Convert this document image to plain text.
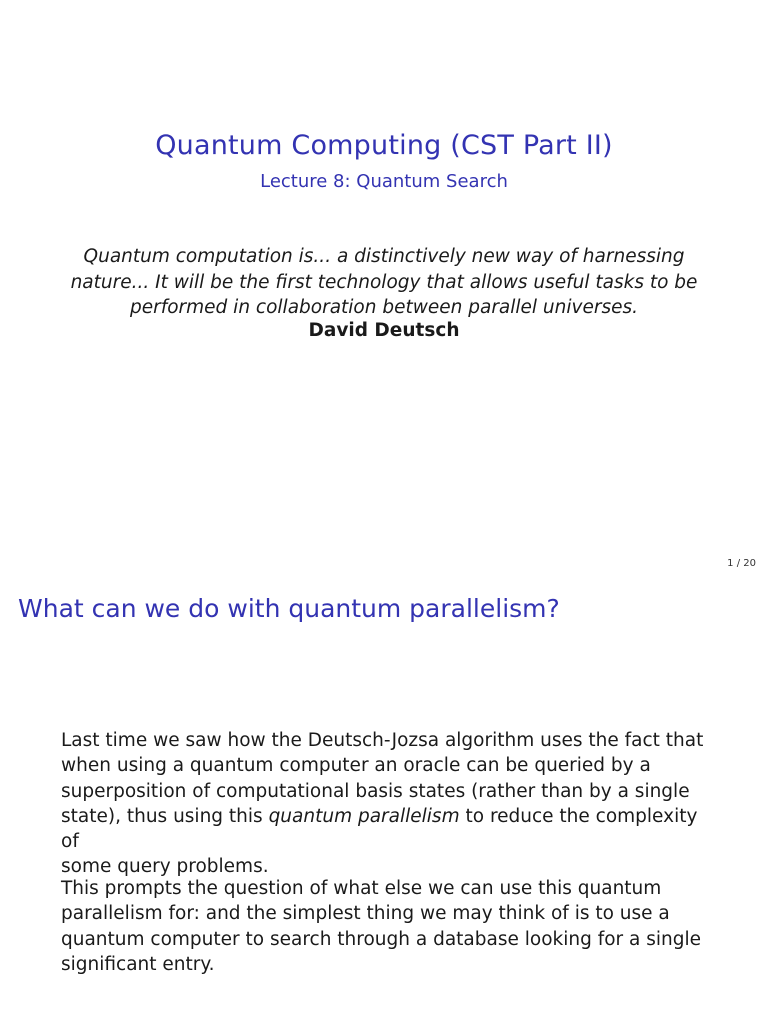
Quantum Computing (CST Part II)
Lecture 8: Quantum Search
Quantum computation is... a distinctively new way of harnessing
nature... It will be the first technology that allows useful tasks to be
performed in collaboration between parallel universes.
David Deutsch
1 / 20
What can we do with quantum parallelism?
Last time we saw how the Deutsch-Jozsa algorithm uses the fact that
when using a quantum computer an oracle can be queried by a
superposition of computational basis states (rather than by a single
state), thus using this quantum parallelism to reduce the complexity of
some query problems.
This prompts the question of what else we can use this quantum
parallelism for: and the simplest thing we may think of is to use a
quantum computer to search through a database looking for a single
significant entry.
